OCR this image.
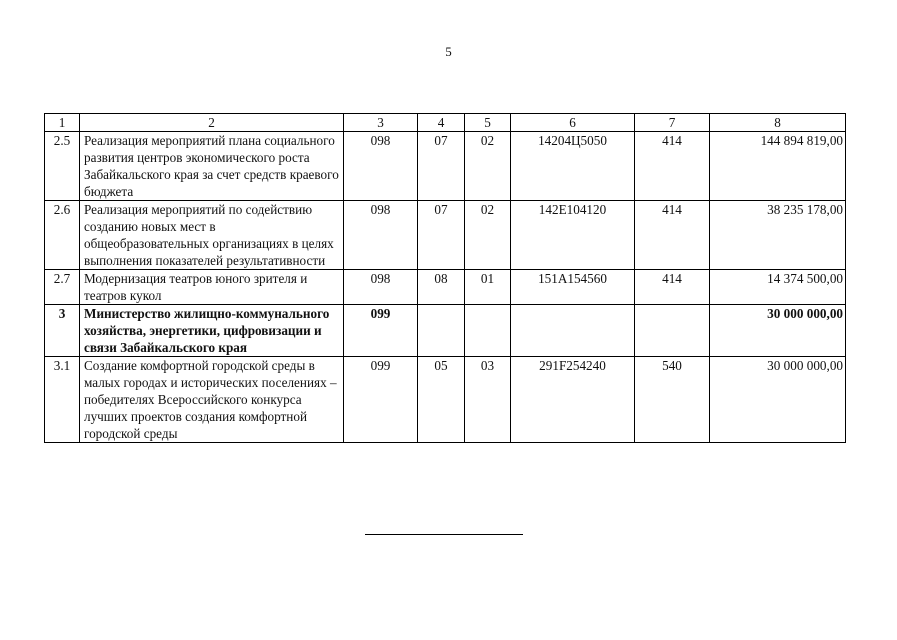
5
1	2	3	4	5	6	7	8
2.5	Реализация мероприятий плана социального развития центров экономического роста Забайкальского края за счет средств краевого бюджета	098	07	02	14204Ц5050	414	144 894 819,00
2.6	Реализация мероприятий по содействию созданию новых мест в общеобразовательных организациях в целях выполнения показателей результативности	098	07	02	142E104120	414	38 235 178,00
2.7	Модернизация театров юного зрителя и театров кукол	098	08	01	151A154560	414	14 374 500,00
3	Министерство жилищно-коммунального хозяйства, энергетики, цифровизации и связи Забайкальского края	099					30 000 000,00
3.1	Создание комфортной городской среды в малых городах и исторических поселениях – победителях Всероссийского конкурса лучших проектов создания комфортной городской среды	099	05	03	291F254240	540	30 000 000,00
